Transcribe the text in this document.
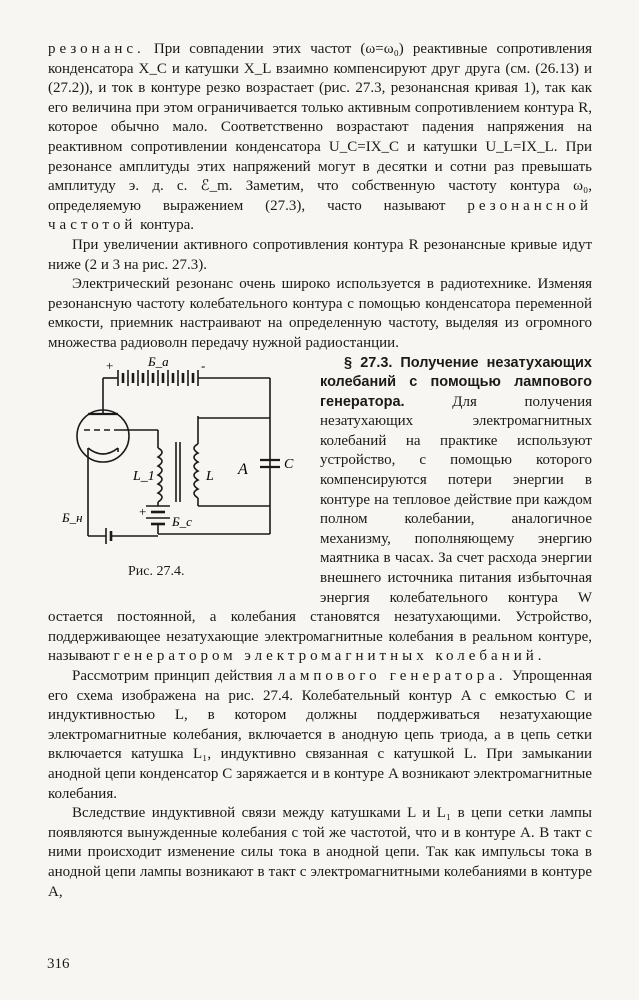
резонанс. При совпадении этих частот (ω=ω₀) реактивные сопротивления конденсатора X_C и катушки X_L взаимно компенсируют друг друга (см. (26.13) и (27.2)), и ток в контуре резко возрастает (рис. 27.3, резонансная кривая 1), так как его величина при этом ограничивается только активным сопротивлением контура R, которое обычно мало. Соответственно возрастают падения напряжения на реактивном сопротивлении конденсатора U_C=IX_C и катушки U_L=IX_L. При резонансе амплитуды этих напряжений могут в десятки и сотни раз превышать амплитуду э. д. с. ℰ_m. Заметим, что собственную частоту контура ω₀, определяемую выражением (27.3), часто называют резонансной частотой контура.

При увеличении активного сопротивления контура R резонансные кривые идут ниже (2 и 3 на рис. 27.3).

Электрический резонанс очень широко используется в радиотехнике. Изменяя резонансную частоту колебательного контура с помощью конденсатора переменной емкости, приемник настраивают на определенную частоту, выделяя из огромного множества радиоволн передачу нужной радиостанции.

+	-
Б_а
L_1	L A	C
+
Б_с
Б_н
Рис. 27.4.

§ 27.3. Получение незатухающих колебаний с помощью лампового генератора. Для получения незатухающих электромагнитных колебаний на практике используют устройство, с помощью которого компенсируются потери энергии в контуре на тепловое действие при каждом полном колебании, аналогичное механизму, пополняющему энергию маятника в часах. За счет расхода энергии внешнего источника питания избыточная энергия колебательного контура W остается постоянной, а колебания становятся незатухающими. Устройство, поддерживающее незатухающие электромагнитные колебания в реальном контуре, называют генератором электромагнитных колебаний.

Рассмотрим принцип действия лампового генератора. Упрощенная его схема изображена на рис. 27.4. Колебательный контур A с емкостью C и индуктивностью L, в котором должны поддерживаться незатухающие электромагнитные колебания, включается в анодную цепь триода, а в цепь сетки включается катушка L₁, индуктивно связанная с катушкой L. При замыкании анодной цепи конденсатор C заряжается и в контуре A возникают электромагнитные колебания.

Вследствие индуктивной связи между катушками L и L₁ в цепи сетки лампы появляются вынужденные колебания с той же частотой, что и в контуре A. В такт с ними происходит изменение силы тока в анодной цепи. Так как импульсы тока в анодной цепи лампы возникают в такт с электромагнитными колебаниями в контуре A,

316
